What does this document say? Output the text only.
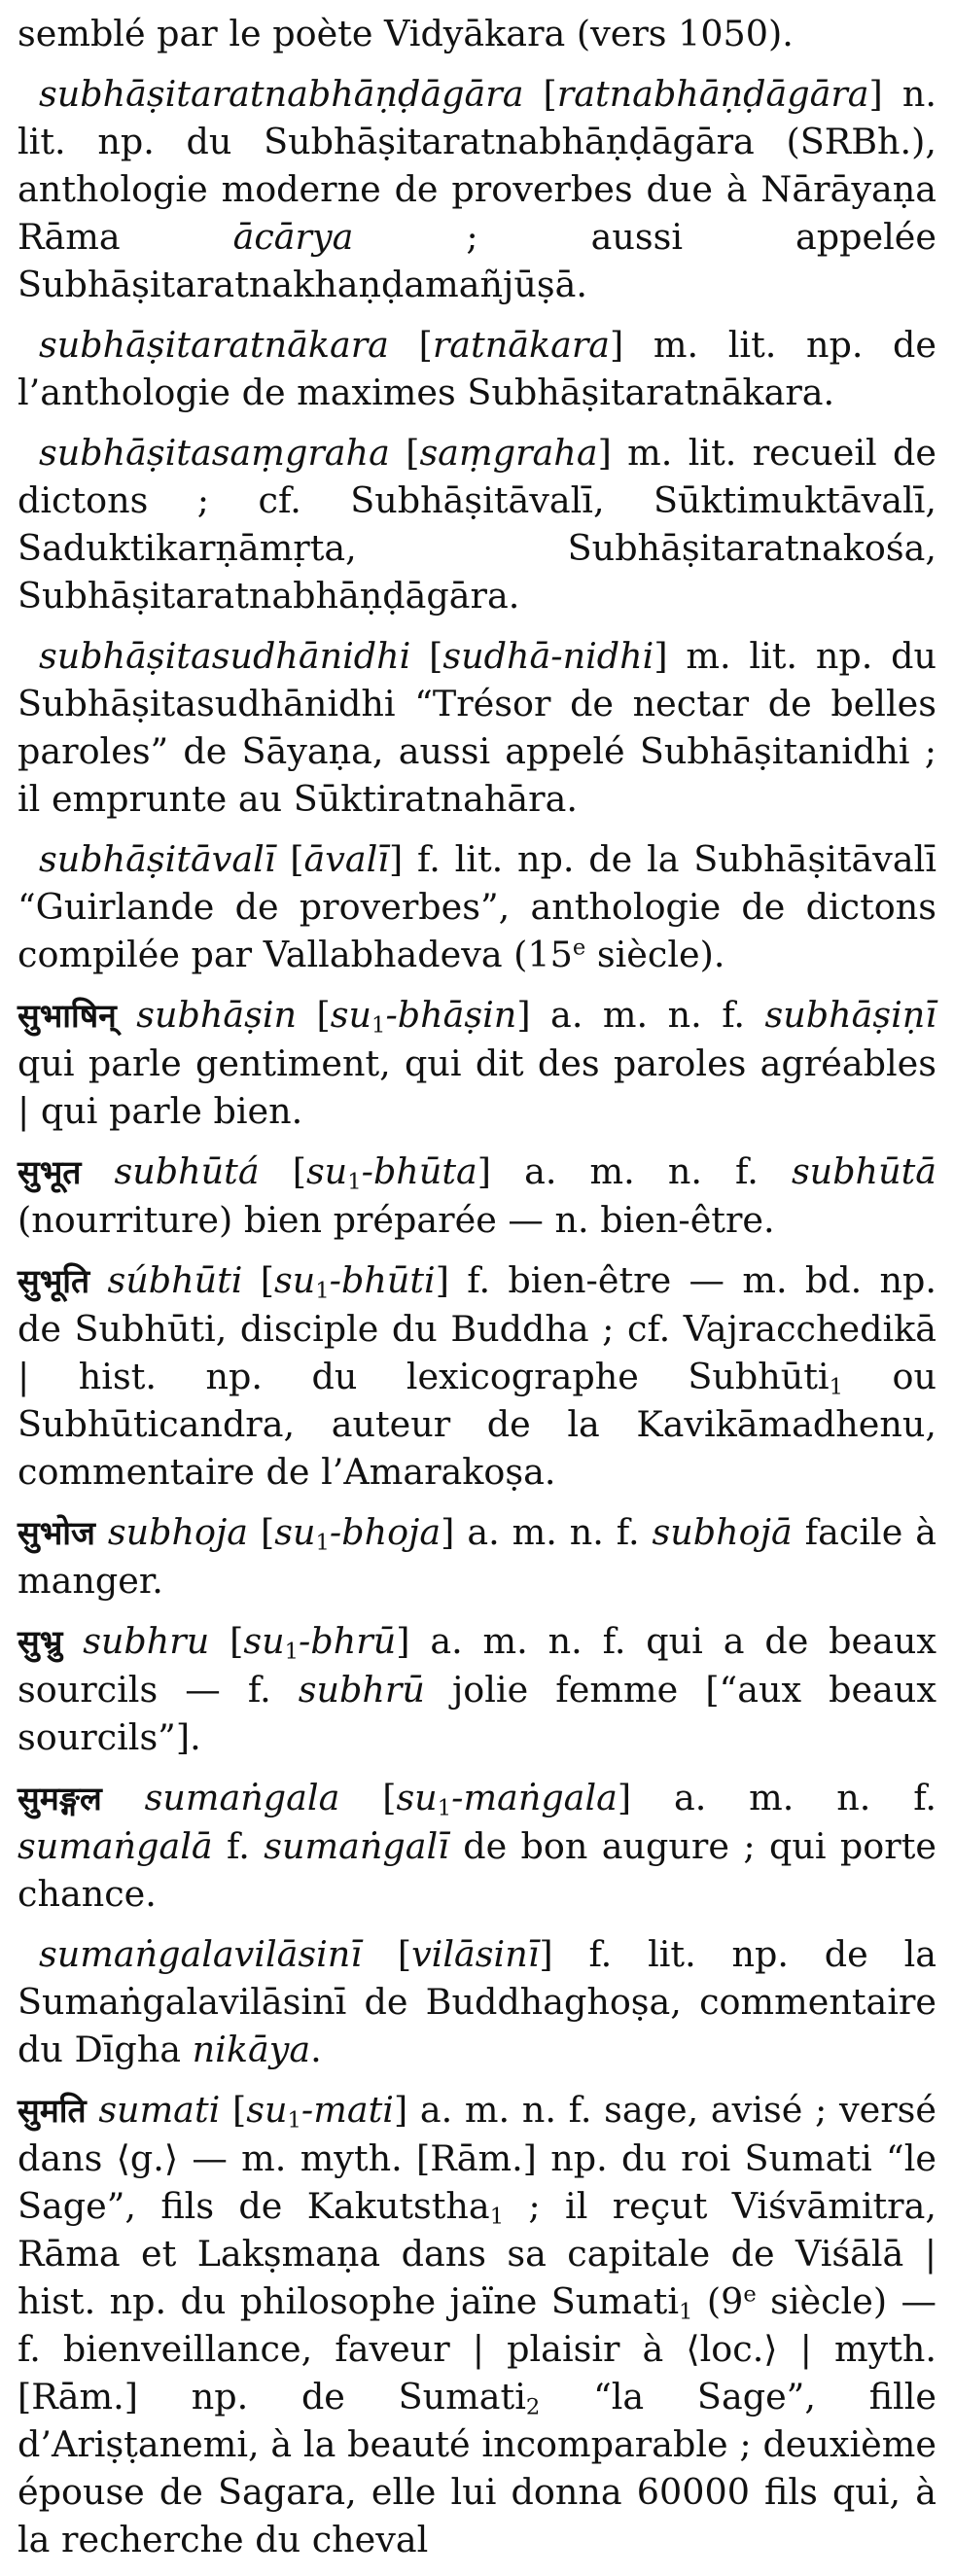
semblé par le poète Vidyākara (vers 1050).

subhāṣitaratnabhāṇḍāgāra [ratnabhāṇḍāgāra] n. lit. np. du Subhāṣitaratnabhāṇḍāgāra (SRBh.), anthologie moderne de proverbes due à Nārāyaṇa Rāma ācārya ; aussi appelée Subhāṣitaratnakhaṇḍamañjūṣā.

subhāṣitaratnākara [ratnākara] m. lit. np. de l’anthologie de maximes Subhāṣitaratnākara.

subhāṣitasaṃgraha [saṃgraha] m. lit. recueil de dictons ; cf. Subhāṣitāvalī, Sūktimuktāvalī, Saduktikarṇāmṛta, Subhāṣitaratnakośa, Subhāṣitaratnabhāṇḍāgāra.

subhāṣitasudhānidhi [sudhā-nidhi] m. lit. np. du Subhāṣitasudhānidhi “Trésor de nectar de belles paroles” de Sāyaṇa, aussi appelé Subhāṣitanidhi ; il emprunte au Sūktiratnahāra.

subhāṣitāvalī [āvalī] f. lit. np. de la Subhāṣitāvalī “Guirlande de proverbes”, anthologie de dictons compilée par Vallabhadeva (15e siècle).

सुभाषिन् subhāṣin $[su_1-bhāṣin]$ a. m. n. f. subhāṣiṇī qui parle gentiment, qui dit des paroles agréables | qui parle bien.

सुभूत subhūtá $[su_1-bhūta]$ a. m. n. f. subhūtā (nourriture) bien préparée — n. bien-être.

सुभूति súbhūti $[su_1-bhūti]$ f. bien-être — m. bd. np. de Subhūti, disciple du Buddha ; cf. Vajracchedikā | hist. np. du lexicographe Subhūti$_1$ ou Subhūticandra, auteur de la Kavikāmadhenu, commentaire de l’Amarakoṣa.

सुभोज subhoja $[su_1-bhoja]$ a. m. n. f. subhojā facile à manger.

सुभ्रु subhru $[su_1-bhrū]$ a. m. n. f. qui a de beaux sourcils — f. subhrū jolie femme [“aux beaux sourcils”].

सुमङ्गल sumaṅgala $[su_1-maṅgala]$ a. m. n. f. sumaṅgalā f. sumaṅgalī de bon augure ; qui porte chance.

sumaṅgalavilāsinī [vilāsinī] f. lit. np. de la Sumaṅgalavilāsinī de Buddhaghoṣa, commentaire du Dīgha nikāya.

सुमति sumati $[su_1-mati]$ a. m. n. f. sage, avisé ; versé dans ⟨g.⟩ — m. myth. [Rām.] np. du roi Sumati “le Sage”, fils de Kakutstha$_1$ ; il reçut Viśvāmitra, Rāma et Lakṣmaṇa dans sa capitale de Viśālā | hist. np. du philosophe jaïne Sumati$_1$ (9e siècle) — f. bienveillance, faveur | plaisir à ⟨loc.⟩ | myth. [Rām.] np. de Sumati$_2$ “la Sage”, fille d’Ariṣṭanemi, à la beauté incomparable ; deuxième épouse de Sagara, elle lui donna 60000 fils qui, à la recherche du cheval
